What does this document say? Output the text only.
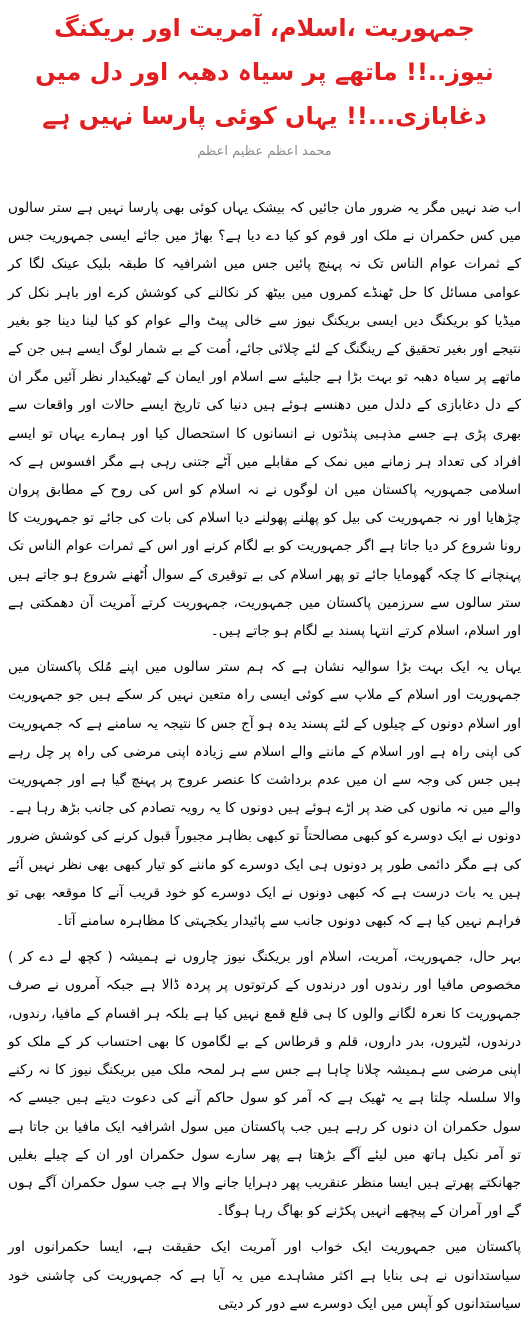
جمہوریت ،اسلام، آمریت اور بریکنگ نیوز..!! ماتھے پر سیاہ دھبہ اور دل میں دغابازی...!! یہاں کوئی پارسا نہیں ہے
محمد اعظم عظیم اعظم

اب ضد نہیں مگر یہ ضرور مان جائیں کہ بیشک یہاں کوئی بھی پارسا نہیں ہے ستر سالوں میں کس حکمران نے ملک اور قوم کو کیا دے دیا ہے؟ بھاڑ میں جائے ایسی جمہوریت جس کے ثمرات عوام الناس تک نہ پہنچ پائیں جس میں اشرافیہ کا طبقہ بلیک عینک لگا کر عوامی مسائل کا حل ٹھنڈے کمروں میں بیٹھ کر نکالنے کی کوشش کرے اور باہر نکل کر میڈیا کو بریکنگ دیں ایسی بریکنگ نیوز سے خالی پیٹ والے عوام کو کیا لینا دینا جو بغیر نتیجے اور بغیر تحقیق کے رینگنگ کے لئے چلائی جائے، اُمت کے بے شمار لوگ ایسے ہیں جن کے ماتھے پر سیاہ دھبہ تو بہت بڑا ہے جلیئے سے اسلام اور ایمان کے ٹھیکیدار نظر آئیں مگر ان کے دل دغابازی کے دلدل میں دھنسے ہوئے ہیں دنیا کی تاریخ ایسے حالات اور واقعات سے بھری پڑی ہے جسے مذہبی پنڈتوں نے انسانوں کا استحصال کیا اور ہمارے یہاں تو ایسے افراد کی تعداد ہر زمانے میں نمک کے مقابلے میں آٹے جتنی رہی ہے مگر افسوس ہے کہ اسلامی جمہوریہ پاکستان میں ان لوگوں نے نہ اسلام کو اس کی روح کے مطابق پروان چڑھایا اور نہ جمہوریت کی بیل کو پھلنے پھولنے دیا اسلام کی بات کی جائے تو جمہوریت کا رونا شروع کر دیا جاتا ہے اگر جمہوریت کو بے لگام کرنے اور اس کے ثمرات عوام الناس تک پہنچانے کا چکہ گھومایا جائے تو پھر اسلام کی بے توقیری کے سوال اُٹھنے شروع ہو جاتے ہیں ستر سالوں سے سرزمین پاکستان میں جمہوریت، جمہوریت کرتے آمریت آن دھمکتی ہے اور اسلام، اسلام کرتے انتہا پسند بے لگام ہو جاتے ہیں۔

یہاں یہ ایک بہت بڑا سوالیہ نشان ہے کہ ہم ستر سالوں میں اپنے مُلک پاکستان میں جمہوریت اور اسلام کے ملاپ سے کوئی ایسی راہ متعین نہیں کر سکے ہیں جو جمہوریت اور اسلام دونوں کے چیلوں کے لئے پسند یدہ ہو آج جس کا نتیجہ یہ سامنے ہے کہ جمہوریت کی اپنی راہ ہے اور اسلام کے ماننے والے اسلام سے زیادہ اپنی مرضی کی راہ پر چل رہے ہیں جس کی وجہ سے ان میں عدم برداشت کا عنصر عروج پر پہنچ گیا ہے اور جمہوریت والے میں نہ مانوں کی ضد پر اڑے ہوئے ہیں دونوں کا یہ رویہ تصادم کی جانب بڑھ رہا ہے۔ دونوں نے ایک دوسرے کو کبھی مصالحتاً تو کبھی بظاہر مجبوراً قبول کرنے کی کوشش ضرور کی ہے مگر دائمی طور پر دونوں ہی ایک دوسرے کو ماننے کو تیار کبھی بھی نظر نہیں آئے ہیں یہ بات درست ہے کہ کبھی دونوں نے ایک دوسرے کو خود قریب آنے کا موقعہ بھی تو فراہم نہیں کیا ہے کہ کبھی دونوں جانب سے پائیدار یکجہتی کا مظاہرہ سامنے آتا۔

بہر حال، جمہوریت، آمریت، اسلام اور بریکنگ نیوز چاروں نے ہمیشہ ( کچھ لے دے کر ) مخصوص مافیا اور رندوں اور درندوں کے کرتوتوں پر پردہ ڈالا ہے جبکہ آمروں نے صرف جمہوریت کا نعرہ لگانے والوں کا ہی قلع قمع نہیں کیا ہے بلکہ ہر اقسام کے مافیا، رندوں، درندوں، لٹیروں، بدر داروں، قلم و قرطاس کے بے لگاموں کا بھی احتساب کر کے ملک کو اپنی مرضی سے ہمیشہ چلانا چاہا ہے جس سے ہر لمحہ ملک میں بریکنگ نیوز کا نہ رکنے والا سلسلہ چلتا ہے یہ ٹھیک ہے کہ آمر کو سول حاکم آنے کی دعوت دیتے ہیں جیسے کہ سول حکمران ان دنوں کر رہے ہیں جب پاکستان میں سول اشرافیہ ایک مافیا بن جاتا ہے تو آمر نکیل ہاتھ میں لیئے آگے بڑھتا ہے پھر سارے سول حکمران اور ان کے چیلے بغلیں جھانکتے پھرتے ہیں ایسا منظر عنقریب پھر دہرایا جانے والا ہے جب سول حکمران آگے ہوں گے اور آمران کے پیچھے انہیں پکڑنے کو بھاگ رہا ہوگا۔

پاکستان میں جمہوریت ایک خواب اور آمریت ایک حقیقت ہے، ایسا حکمرانوں اور سیاستدانوں نے ہی بنایا ہے اکثر مشاہدے میں یہ آیا ہے کہ جمہوریت کی چاشنی خود سیاستدانوں کو آپس میں ایک دوسرے سے دور کر دیتی
